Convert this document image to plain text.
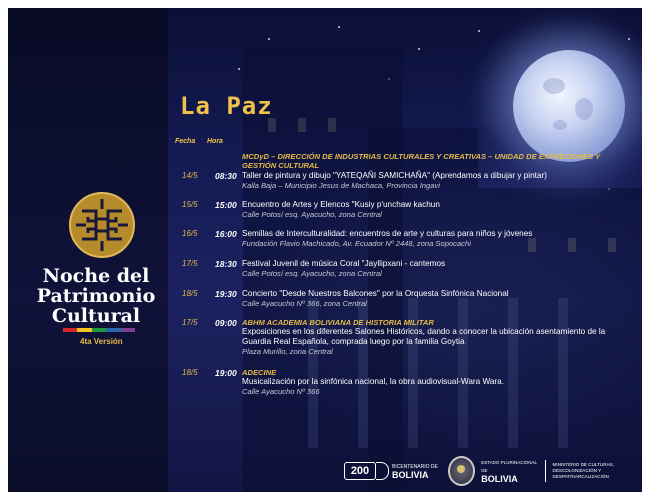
Noche del
Patrimonio
Cultural
4ta Versión
La Paz
Fecha Hora
MCDyD – DIRECCIÓN DE INDUSTRIAS CULTURALES Y CREATIVAS – UNIDAD DE EXPRESIONES Y GESTIÓN CULTURAL
14/5 08:30 Taller de pintura y dibujo "YATEQAÑI SAMICHAÑA" (Aprendamos a dibujar y pintar)
Kalla Baja – Municipio Jesus de Machaca, Provincia Ingavi
15/5 15:00 Encuentro de Artes y Elencos "Kusiy p'unchaw kachun
Calle Potosí esq. Ayacucho, zona Central
16/5 16:00 Semillas de Interculturalidad: encuentros de arte y culturas para niños y jóvenes
Fundación Flavio Machicado, Av. Ecuador Nº 2448, zona Sopocachi
17/5 18:30 Festival Juvenil de música Coral "Jayllipxani - cantemos
Calle Potosí esq. Ayacucho, zona Central
18/5 19:30 Concierto "Desde Nuestros Balcones" por la Orquesta Sinfónica Nacional
Calle Ayacucho Nº 366, zona Central
17/5 09:00 ABHM ACADEMIA BOLIVIANA DE HISTORIA MILITAR
Exposiciones en los diferentes Salones Históricos, dando a conocer la ubicación asentamiento de la Guardia Real Española, comprada luego por la familia Goytia
Plaza Murillo, zona Central
18/5 19:00 ADECINE
Musicalización por la sinfónica nacional, la obra audiovisual-Wara Wara.
Calle Ayacucho Nº 366
200	BICENTENARIO DE
BOLIVIA
ESTADO PLURINACIONAL DE
BOLIVIA
MINISTERIO DE CULTURAS, DESCOLONIZACIÓN Y DESPATRIARCALIZACIÓN
